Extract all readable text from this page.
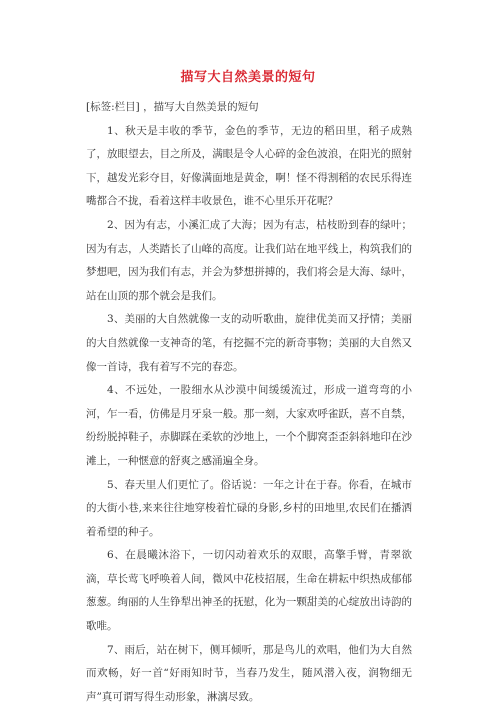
描写大自然美景的短句

[标签:栏目] ，描写大自然美景的短句

1、秋天是丰收的季节，金色的季节，无边的稻田里，稻子成熟了，放眼望去，目之所及，满眼是令人心碎的金色波浪，在阳光的照射下，越发光彩夺目，好像满面地是黄金，啊！怪不得割稻的农民乐得连嘴都合不拢，看着这样丰收景色，谁不心里乐开花呢？

2、因为有志，小溪汇成了大海；因为有志，枯枝盼到春的绿叶；因为有志，人类踏长了山峰的高度。让我们站在地平线上，构筑我们的梦想吧，因为我们有志，并会为梦想拼搏的，我们将会是大海、绿叶，站在山顶的那个就会是我们。

3、美丽的大自然就像一支的动听歌曲，旋律优美而又抒情；美丽的大自然就像一支神奇的笔，有挖掘不完的新奇事物；美丽的大自然又像一首诗，我有着写不完的春恋。

4、不远处，一股细水从沙漠中间缓缓流过，形成一道弯弯的小河，乍一看，仿佛是月牙泉一般。那一刻，大家欢呼雀跃，喜不自禁，纷纷脱掉鞋子，赤脚踩在柔软的沙地上，一个个脚窝歪歪斜斜地印在沙滩上，一种惬意的舒爽之感涌遍全身。

5、春天里人们更忙了。俗话说：一年之计在于春。你看，在城市的大街小巷,来来往往地穿梭着忙碌的身影,乡村的田地里,农民们在播洒着希望的种子。

6、在晨曦沐浴下，一切闪动着欢乐的双眼，高擎手臂，青翠欲滴，草长莺飞呼唤着人间，微风中花枝招展，生命在耕耘中织热成郁郁葱葱。绚丽的人生铮犁出神圣的抚慰，化为一颗甜美的心绽放出诗韵的歌唯。

7、雨后，站在树下，侧耳倾听，那是鸟儿的欢唱，他们为大自然而欢畅，好一首“好雨知时节，当春乃发生，随风潜入夜，润物细无声”真可谓写得生动形象，淋漓尽致。
